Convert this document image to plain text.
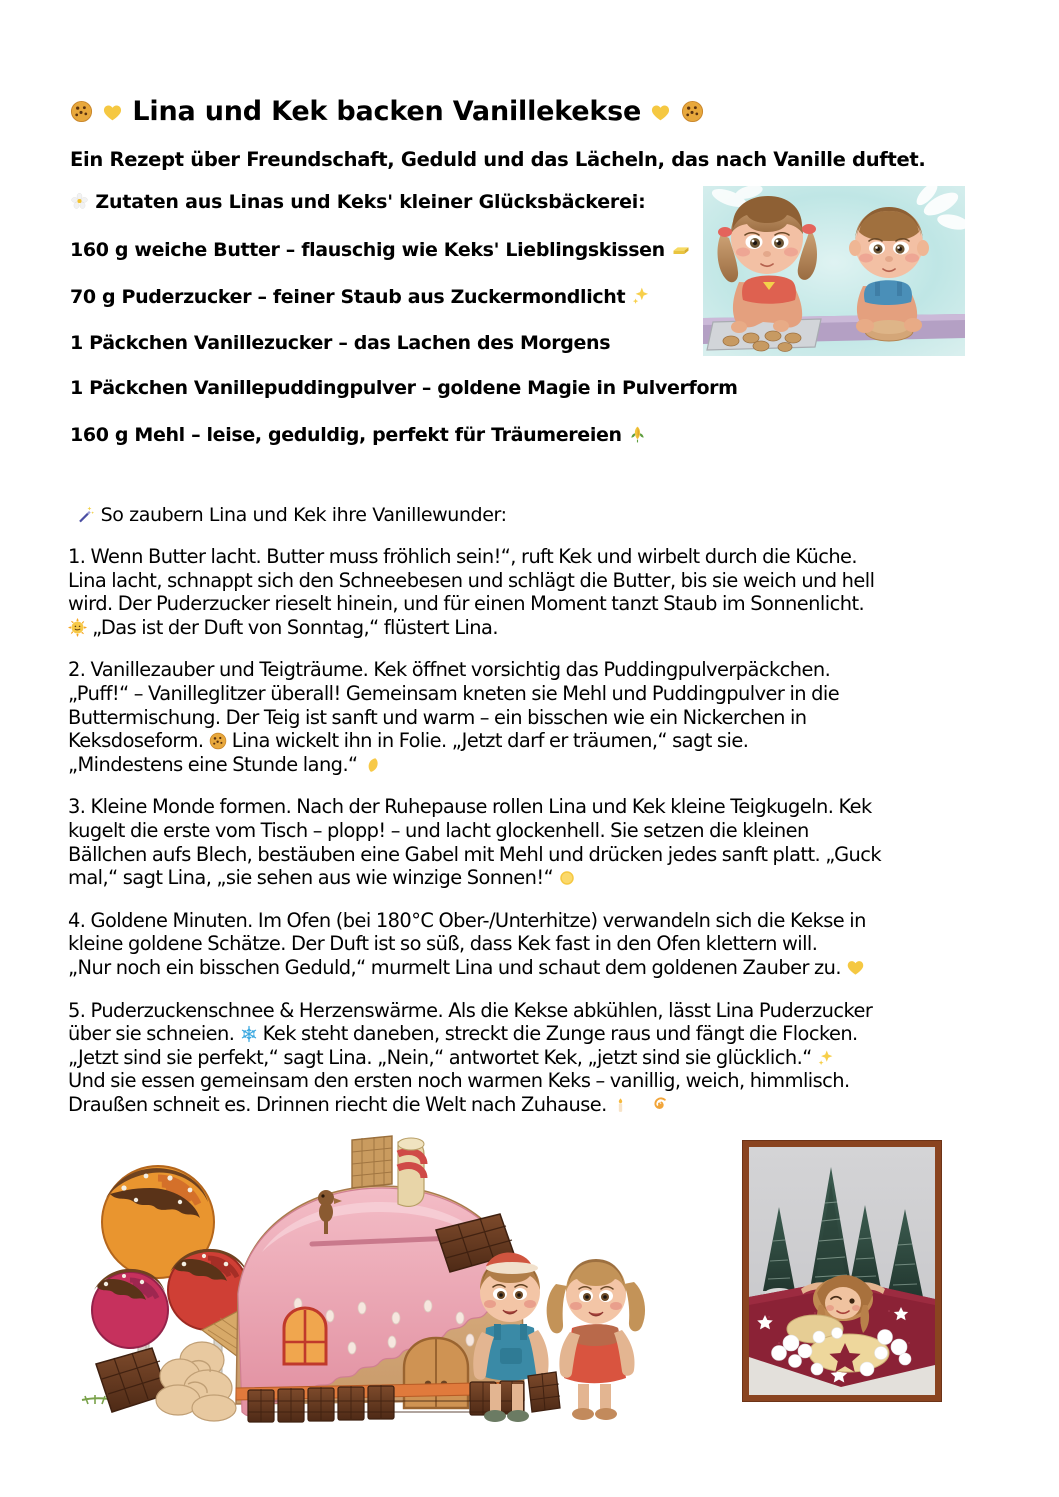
Lina und Kek backen Vanillekekse

Ein Rezept über Freundschaft, Geduld und das Lächeln, das nach Vanille duftet.
Zutaten aus Linas und Keks' kleiner Glücksbäckerei:
160 g weiche Butter – flauschig wie Keks' Lieblingskissen
70 g Puderzucker – feiner Staub aus Zuckermondlicht
1 Päckchen Vanillezucker – das Lachen des Morgens
1 Päckchen Vanillepuddingpulver – goldene Magie in Pulverform
160 g Mehl – leise, geduldig, perfekt für Träumereien
So zaubern Lina und Kek ihre Vanillewunder:
1. Wenn Butter lacht. Butter muss fröhlich sein!“, ruft Kek und wirbelt durch die Küche.
Lina lacht, schnappt sich den Schneebesen und schlägt die Butter, bis sie weich und hell
wird. Der Puderzucker rieselt hinein, und für einen Moment tanzt Staub im Sonnenlicht.

„Das ist der Duft von Sonntag,“ flüstert Lina.
2. Vanillezauber und Teigträume. Kek öffnet vorsichtig das Puddingpulverpäckchen.
„Puff!“ – Vanilleglitzer überall! Gemeinsam kneten sie Mehl und Puddingpulver in die
Buttermischung. Der Teig ist sanft und warm – ein bisschen wie ein Nickerchen in
Keksdoseform. Lina wickelt ihn in Folie. „Jetzt darf er träumen,“ sagt sie.
„Mindestens eine Stunde lang.“
3. Kleine Monde formen. Nach der Ruhepause rollen Lina und Kek kleine Teigkugeln. Kek
kugelt die erste vom Tisch – plopp! – und lacht glockenhell. Sie setzen die kleinen
Bällchen aufs Blech, bestäuben eine Gabel mit Mehl und drücken jedes sanft platt. „Guck
mal,“ sagt Lina, „sie sehen aus wie winzige Sonnen!“
4. Goldene Minuten. Im Ofen (bei 180°C Ober-/Unterhitze) verwandeln sich die Kekse in
kleine goldene Schätze. Der Duft ist so süß, dass Kek fast in den Ofen klettern will.
„Nur noch ein bisschen Geduld,“ murmelt Lina und schaut dem goldenen Zauber zu.
5. Puderzuckenschnee & Herzenswärme. Als die Kekse abkühlen, lässt Lina Puderzucker
über sie schneien. Kek steht daneben, streckt die Zunge raus und fängt die Flocken.
„Jetzt sind sie perfekt,“ sagt Lina. „Nein,“ antwortet Kek, „jetzt sind sie glücklich.“

Und sie essen gemeinsam den ersten noch warmen Keks – vanillig, weich, himmlisch.
Draußen schneit es. Drinnen riecht die Welt nach Zuhause.
